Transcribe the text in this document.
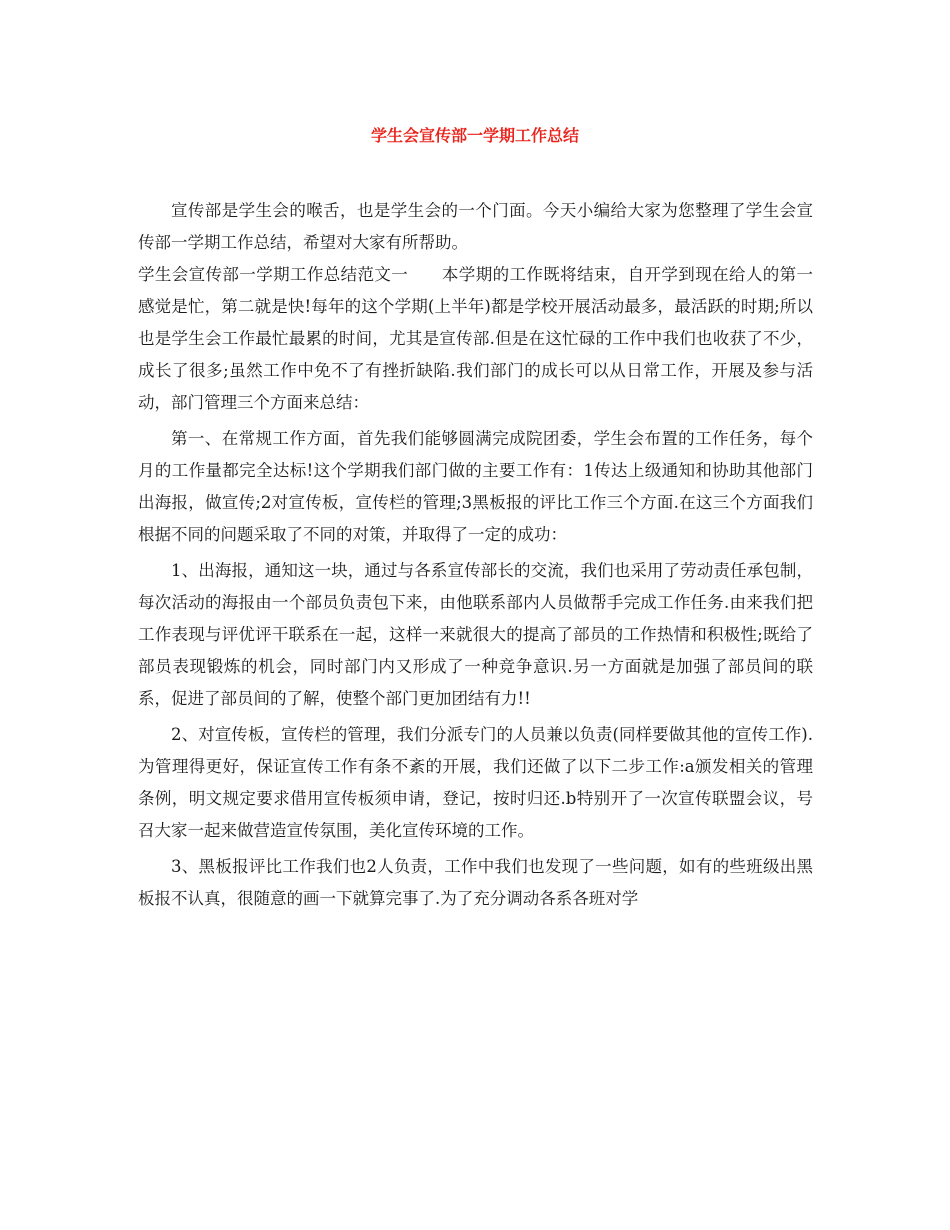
学生会宣传部一学期工作总结

宣传部是学生会的喉舌，也是学生会的一个门面。今天小编给大家为您整理了学生会宣传部一学期工作总结，希望对大家有所帮助。

学生会宣传部一学期工作总结范文一　　本学期的工作既将结束，自开学到现在给人的第一感觉是忙，第二就是快!每年的这个学期(上半年)都是学校开展活动最多，最活跃的时期;所以也是学生会工作最忙最累的时间，尤其是宣传部.但是在这忙碌的工作中我们也收获了不少，成长了很多;虽然工作中免不了有挫折缺陷.我们部门的成长可以从日常工作，开展及参与活动，部门管理三个方面来总结：

第一、在常规工作方面，首先我们能够圆满完成院团委，学生会布置的工作任务，每个月的工作量都完全达标!这个学期我们部门做的主要工作有：1传达上级通知和协助其他部门出海报，做宣传;2对宣传板，宣传栏的管理;3黑板报的评比工作三个方面.在这三个方面我们根据不同的问题采取了不同的对策，并取得了一定的成功：

1、出海报，通知这一块，通过与各系宣传部长的交流，我们也采用了劳动责任承包制，每次活动的海报由一个部员负责包下来，由他联系部内人员做帮手完成工作任务.由来我们把工作表现与评优评干联系在一起，这样一来就很大的提高了部员的工作热情和积极性;既给了部员表现锻炼的机会，同时部门内又形成了一种竞争意识.另一方面就是加强了部员间的联系，促进了部员间的了解，使整个部门更加团结有力!!

2、对宣传板，宣传栏的管理，我们分派专门的人员兼以负责(同样要做其他的宣传工作).为管理得更好，保证宣传工作有条不紊的开展，我们还做了以下二步工作:a颁发相关的管理条例，明文规定要求借用宣传板须申请，登记，按时归还.b特别开了一次宣传联盟会议，号召大家一起来做营造宣传氛围，美化宣传环境的工作。

3、黑板报评比工作我们也2人负责，工作中我们也发现了一些问题，如有的些班级出黑板报不认真，很随意的画一下就算完事了.为了充分调动各系各班对学
